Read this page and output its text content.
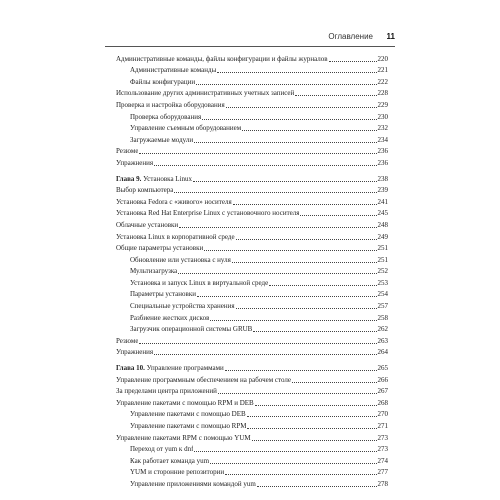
Оглавление 11
Административные команды, файлы конфигурации и файлы журналов	220
Административные команды	221
Файлы конфигурации	222
Использование других административных учетных записей	228
Проверка и настройка оборудования	229
Проверка оборудования	230
Управление съемным оборудованием	232
Загружаемые модули	234
Резюме	236
Упражнения	236
Глава 9. Установка Linux	238
Выбор компьютера	239
Установка Fedora с «живого» носителя	241
Установка Red Hat Enterprise Linux с установочного носителя	245
Облачные установки	248
Установка Linux в корпоративной среде	249
Общие параметры установки	251
Обновление или установка с нуля	251
Мультизагрузка	252
Установка и запуск Linux в виртуальной среде	253
Параметры установки	254
Специальные устройства хранения	257
Разбиение жестких дисков	258
Загрузчик операционной системы GRUB	262
Резюме	263
Упражнения	264
Глава 10. Управление программами	265
Управление программным обеспечением на рабочем столе	266
За пределами центра приложений	267
Управление пакетами с помощью RPM и DEB	268
Управление пакетами с помощью DEB	270
Управление пакетами с помощью RPM	271
Управление пакетами RPM с помощью YUM	273
Переход от yum к dnf	273
Как работает команда yum	274
YUM и сторонние репозитории	277
Управление приложениями командой yum	278
